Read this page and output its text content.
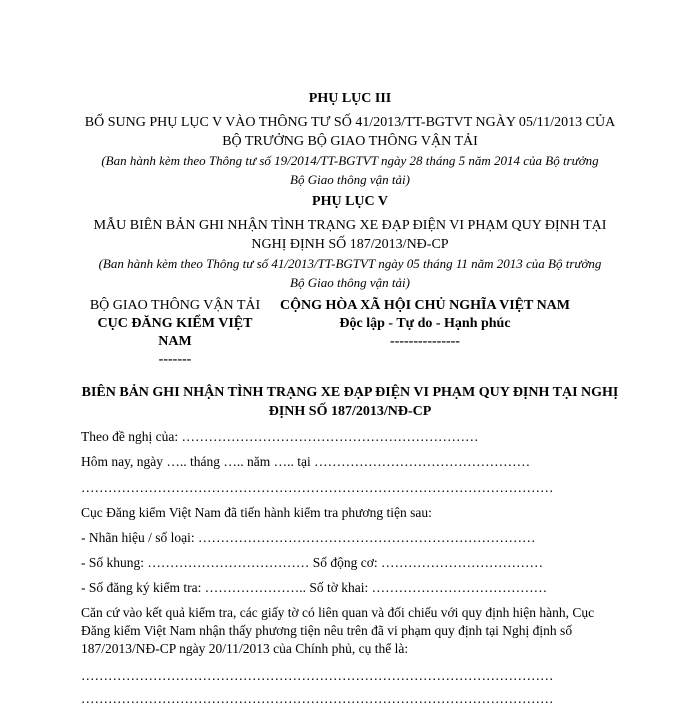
PHỤ LỤC III
BỔ SUNG PHỤ LỤC V VÀO THÔNG TƯ SỐ 41/2013/TT-BGTVT NGÀY 05/11/2013 CỦA
BỘ TRƯỞNG BỘ GIAO THÔNG VẬN TẢI
(Ban hành kèm theo Thông tư số 19/2014/TT-BGTVT ngày 28 tháng 5 năm 2014 của Bộ trưởng
Bộ Giao thông vận tải)
PHỤ LỤC V
MẪU BIÊN BẢN GHI NHẬN TÌNH TRẠNG XE ĐẠP ĐIỆN VI PHẠM QUY ĐỊNH TẠI
NGHỊ ĐỊNH SỐ 187/2013/NĐ-CP
(Ban hành kèm theo Thông tư số 41/2013/TT-BGTVT ngày 05 tháng 11 năm 2013 của Bộ trưởng
Bộ Giao thông vận tải)
BỘ GIAO THÔNG VẬN TẢI
CỤC ĐĂNG KIỂM VIỆT
NAM
-------
CỘNG HÒA XÃ HỘI CHỦ NGHĨA VIỆT NAM
Độc lập - Tự do - Hạnh phúc
---------------
BIÊN BẢN GHI NHẬN TÌNH TRẠNG XE ĐẠP ĐIỆN VI PHẠM QUY ĐỊNH TẠI NGHỊ
ĐỊNH SỐ 187/2013/NĐ-CP
Theo đề nghị của: …………………………………………………………
Hôm nay, ngày ….. tháng ….. năm ….. tại …………………………………………
……………………………………………………………………………………………
Cục Đăng kiểm Việt Nam đã tiến hành kiểm tra phương tiện sau:
- Nhãn hiệu / số loại: …………………………………………………………………
- Số khung: ……………………………… Số động cơ: ………………………………
- Số đăng ký kiểm tra: ………………….. Số tờ khai: …………………………………
Căn cứ vào kết quả kiểm tra, các giấy tờ có liên quan và đối chiếu với quy định hiện hành, Cục
Đăng kiểm Việt Nam nhận thấy phương tiện nêu trên đã vi phạm quy định tại Nghị định số
187/2013/NĐ-CP ngày 20/11/2013 của Chính phủ, cụ thể là:
……………………………………………………………………………………………
……………………………………………………………………………………………
